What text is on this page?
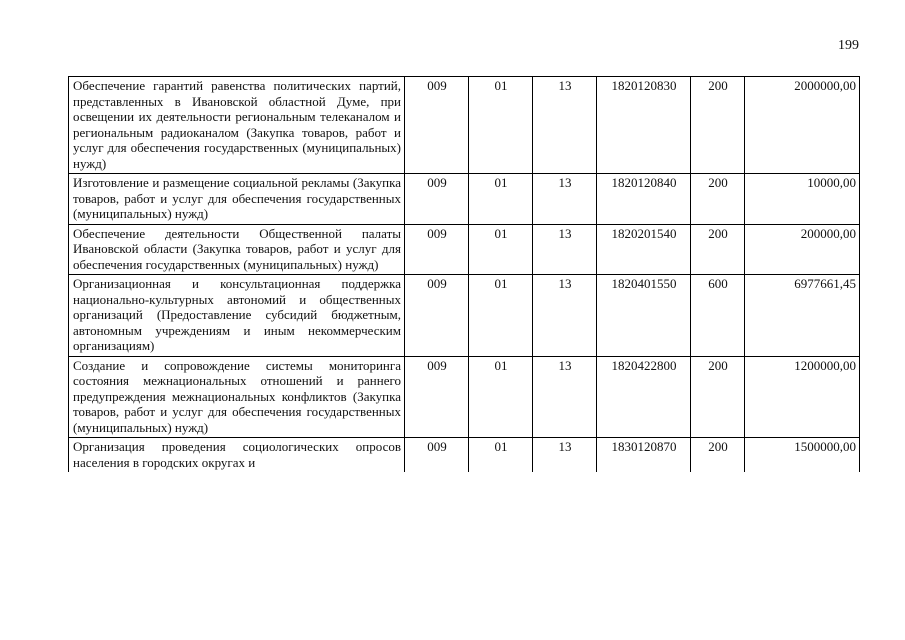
199
Обеспечение гарантий равенства политических партий, представленных в Ивановской областной Думе, при освещении их деятельности региональным телеканалом и региональным радиоканалом (Закупка товаров, работ и услуг для обеспечения государственных (муниципальных) нужд)	009	01	13	1820120830	200	2000000,00
Изготовление и размещение социальной рекламы (Закупка товаров, работ и услуг для обеспечения государственных (муниципальных) нужд)	009	01	13	1820120840	200	10000,00
Обеспечение деятельности Общественной палаты Ивановской области (Закупка товаров, работ и услуг для обеспечения государственных (муниципальных) нужд)	009	01	13	1820201540	200	200000,00
Организационная и консультационная поддержка национально-культурных автономий и общественных организаций (Предоставление субсидий бюджетным, автономным учреждениям и иным некоммерческим организациям)	009	01	13	1820401550	600	6977661,45
Создание и сопровождение системы мониторинга состояния межнациональных отношений и раннего предупреждения межнациональных конфликтов (Закупка товаров, работ и услуг для обеспечения государственных (муниципальных) нужд)	009	01	13	1820422800	200	1200000,00
Организация проведения социологических опросов населения в городских округах и	009	01	13	1830120870	200	1500000,00
